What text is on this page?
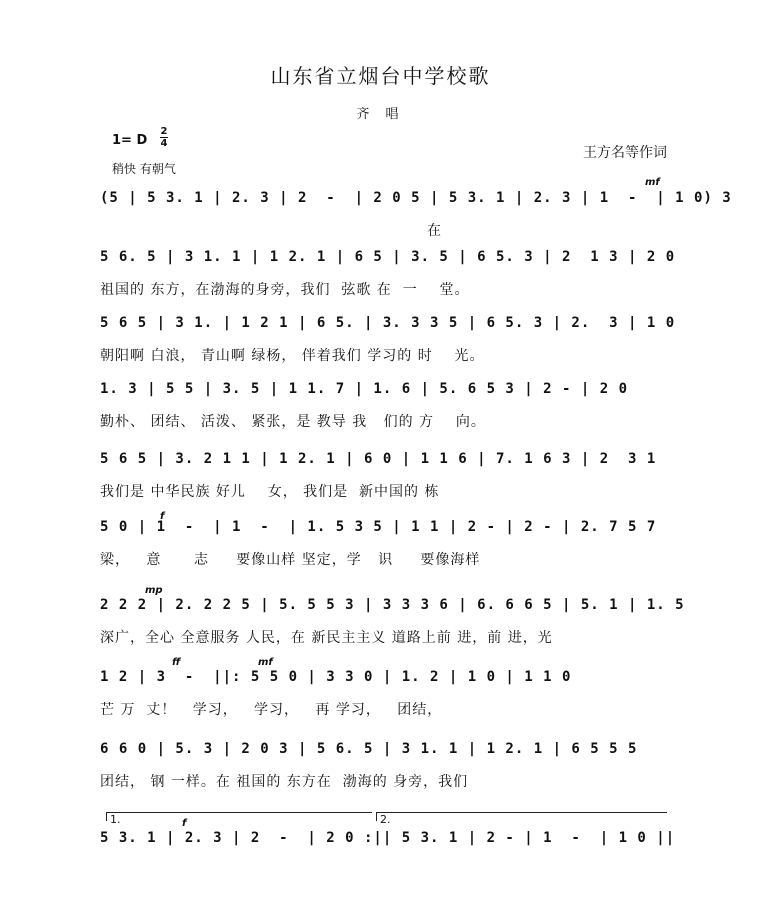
山东省立烟台中学校歌
齐 唱
1= D
2
4
稍快 有朝气
王方名等作词
(5 | 5 3. 1 | 2. 3 | 2  -  | 2 0 5 | 5 3. 1 | 2. 3 | 1  -  | 1 0) 3
在
mf
5 6. 5 | 3 1. 1 | 1 2. 1 | 6 5 | 3. 5 | 6 5. 3 | 2  1 3 | 2 0
祖国的 东方，在渤海的身旁，我们  弦歌 在  一    堂。
5 6 5 | 3 1. | 1 2 1 | 6 5. | 3. 3 3 5 | 6 5. 3 | 2.  3 | 1 0
朝阳啊 白浪， 青山啊 绿杨， 伴着我们 学习的 时    光。
1. 3 | 5 5 | 3. 5 | 1 1. 7 | 1. 6 | 5. 6 5 3 | 2 - | 2 0
勤朴、 团结、 活泼、 紧张，是 教导 我   们的 方    向。
5 6 5 | 3. 2 1 1 | 1 2. 1 | 6 0 | 1 1 6 | 7. 1 6 3 | 2  3 1
我们是 中华民族 好儿    女， 我们是  新中国的 栋
5 0 | 1  -  | 1  -  | 1. 5 3 5 | 1 1 | 2 - | 2 - | 2. 7 5 7
梁，   意      志     要像山样 坚定，学   识     要像海样
f
2 2 2 | 2. 2 2 5 | 5. 5 5 3 | 3 3 3 6 | 6. 6 6 5 | 5. 1 | 1. 5
深广，全心 全意服务 人民，在 新民主主义 道路上前 进，前 进，光
mp
1 2 | 3  -  ||: 5 5 0 | 3 3 0 | 1. 2 | 1 0 | 1 1 0
芒 万  丈！   学习，   学习，   再 学习，   团结，
ff	mf
6 6 0 | 5. 3 | 2 0 3 | 5 6. 5 | 3 1. 1 | 1 2. 1 | 6 5 5 5
团结， 钢 一样。在 祖国的 东方在  渤海的 身旁，我们
5 3. 1 | 2. 3 | 2  -  | 2 0 :|| 5 3. 1 | 2 - | 1  -  | 1 0 ||
f
1.	2.
